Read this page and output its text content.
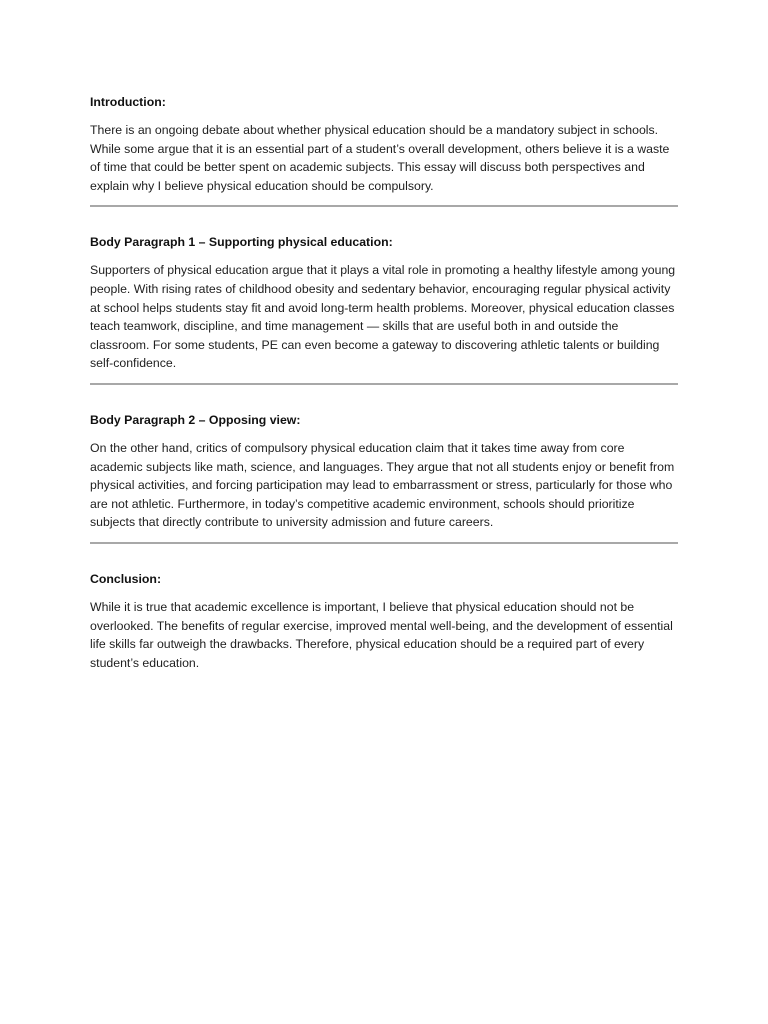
Introduction:

There is an ongoing debate about whether physical education should be a mandatory subject in schools. While some argue that it is an essential part of a student’s overall development, others believe it is a waste of time that could be better spent on academic subjects. This essay will discuss both perspectives and explain why I believe physical education should be compulsory.

Body Paragraph 1 – Supporting physical education:

Supporters of physical education argue that it plays a vital role in promoting a healthy lifestyle among young people. With rising rates of childhood obesity and sedentary behavior, encouraging regular physical activity at school helps students stay fit and avoid long-term health problems. Moreover, physical education classes teach teamwork, discipline, and time management — skills that are useful both in and outside the classroom. For some students, PE can even become a gateway to discovering athletic talents or building self-confidence.

Body Paragraph 2 – Opposing view:

On the other hand, critics of compulsory physical education claim that it takes time away from core academic subjects like math, science, and languages. They argue that not all students enjoy or benefit from physical activities, and forcing participation may lead to embarrassment or stress, particularly for those who are not athletic. Furthermore, in today’s competitive academic environment, schools should prioritize subjects that directly contribute to university admission and future careers.

Conclusion:

While it is true that academic excellence is important, I believe that physical education should not be overlooked. The benefits of regular exercise, improved mental well-being, and the development of essential life skills far outweigh the drawbacks. Therefore, physical education should be a required part of every student’s education.
